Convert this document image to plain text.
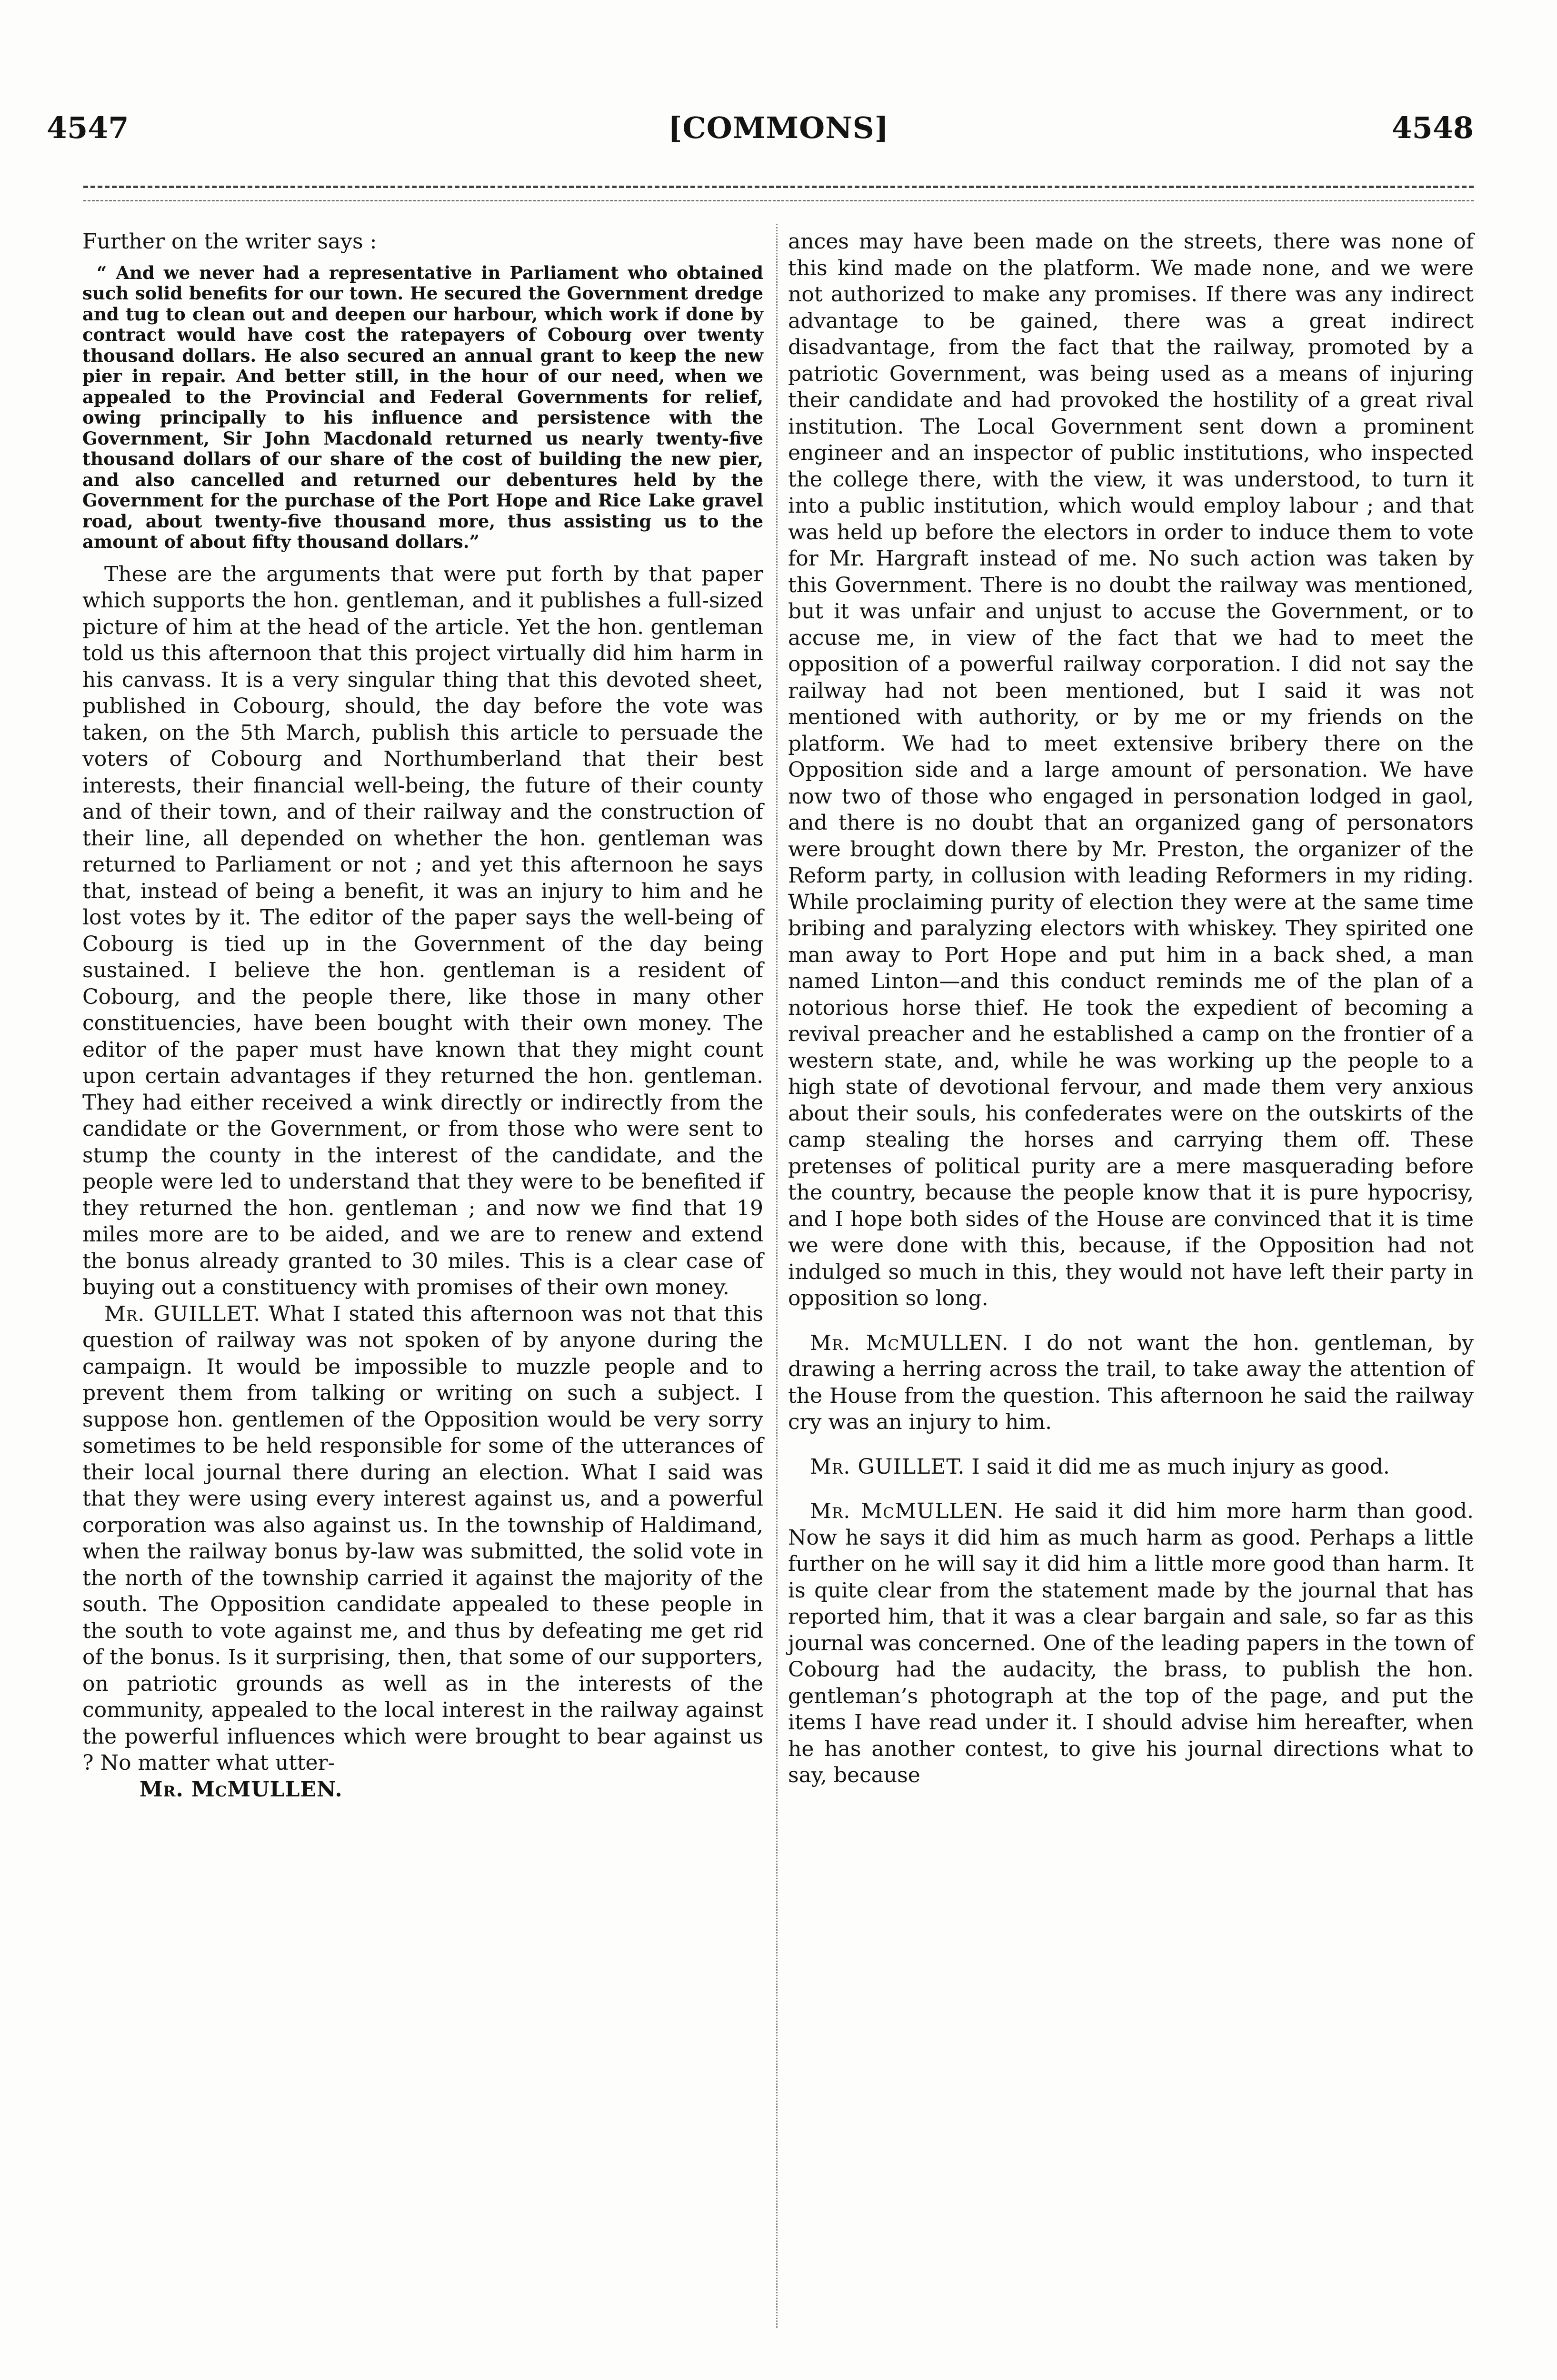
4547	[COMMONS]	4548

Further on the writer says :

“ And we never had a representative in Parliament who obtained such solid benefits for our town. He secured the Government dredge and tug to clean out and deepen our harbour, which work if done by contract would have cost the ratepayers of Cobourg over twenty thousand dollars. He also secured an annual grant to keep the new pier in repair. And better still, in the hour of our need, when we appealed to the Provincial and Federal Governments for relief, owing principally to his influence and persistence with the Government, Sir John Macdonald returned us nearly twenty-five thousand dollars of our share of the cost of building the new pier, and also cancelled and returned our debentures held by the Government for the purchase of the Port Hope and Rice Lake gravel road, about twenty-five thousand more, thus assisting us to the amount of about fifty thousand dollars.”

These are the arguments that were put forth by that paper which supports the hon. gentleman, and it publishes a full-sized picture of him at the head of the article. Yet the hon. gentleman told us this afternoon that this project virtually did him harm in his canvass. It is a very singular thing that this devoted sheet, published in Cobourg, should, the day before the vote was taken, on the 5th March, publish this article to persuade the voters of Cobourg and Northumberland that their best interests, their financial well-being, the future of their county and of their town, and of their railway and the construction of their line, all depended on whether the hon. gentleman was returned to Parliament or not ; and yet this afternoon he says that, instead of being a benefit, it was an injury to him and he lost votes by it. The editor of the paper says the well-being of Cobourg is tied up in the Government of the day being sustained. I believe the hon. gentleman is a resident of Cobourg, and the people there, like those in many other constituencies, have been bought with their own money. The editor of the paper must have known that they might count upon certain advantages if they returned the hon. gentleman. They had either received a wink directly or indirectly from the candidate or the Government, or from those who were sent to stump the county in the interest of the candidate, and the people were led to understand that they were to be benefited if they returned the hon. gentleman ; and now we find that 19 miles more are to be aided, and we are to renew and extend the bonus already granted to 30 miles. This is a clear case of buying out a constituency with promises of their own money.

Mr. GUILLET. What I stated this afternoon was not that this question of railway was not spoken of by anyone during the campaign. It would be impossible to muzzle people and to prevent them from talking or writing on such a subject. I suppose hon. gentlemen of the Opposition would be very sorry sometimes to be held responsible for some of the utterances of their local journal there during an election. What I said was that they were using every interest against us, and a powerful corporation was also against us. In the township of Haldimand, when the railway bonus by-law was submitted, the solid vote in the north of the township carried it against the majority of the south. The Opposition candidate appealed to these people in the south to vote against me, and thus by defeating me get rid of the bonus. Is it surprising, then, that some of our supporters, on patriotic grounds as well as in the interests of the community, appealed to the local interest in the railway against the powerful influences which were brought to bear against us ? No matter what utter-

Mr. McMULLEN.

ances may have been made on the streets, there was none of this kind made on the platform. We made none, and we were not authorized to make any promises. If there was any indirect advantage to be gained, there was a great indirect disadvantage, from the fact that the railway, promoted by a patriotic Government, was being used as a means of injuring their candidate and had provoked the hostility of a great rival institution. The Local Government sent down a prominent engineer and an inspector of public institutions, who inspected the college there, with the view, it was understood, to turn it into a public institution, which would employ labour ; and that was held up before the electors in order to induce them to vote for Mr. Hargraft instead of me. No such action was taken by this Government. There is no doubt the railway was mentioned, but it was unfair and unjust to accuse the Government, or to accuse me, in view of the fact that we had to meet the opposition of a powerful railway corporation. I did not say the railway had not been mentioned, but I said it was not mentioned with authority, or by me or my friends on the platform. We had to meet extensive bribery there on the Opposition side and a large amount of personation. We have now two of those who engaged in personation lodged in gaol, and there is no doubt that an organized gang of personators were brought down there by Mr. Preston, the organizer of the Reform party, in collusion with leading Reformers in my riding. While proclaiming purity of election they were at the same time bribing and paralyzing electors with whiskey. They spirited one man away to Port Hope and put him in a back shed, a man named Linton—and this conduct reminds me of the plan of a notorious horse thief. He took the expedient of becoming a revival preacher and he established a camp on the frontier of a western state, and, while he was working up the people to a high state of devotional fervour, and made them very anxious about their souls, his confederates were on the outskirts of the camp stealing the horses and carrying them off. These pretenses of political purity are a mere masquerading before the country, because the people know that it is pure hypocrisy, and I hope both sides of the House are convinced that it is time we were done with this, because, if the Opposition had not indulged so much in this, they would not have left their party in opposition so long.

Mr. McMULLEN. I do not want the hon. gentleman, by drawing a herring across the trail, to take away the attention of the House from the question. This afternoon he said the railway cry was an injury to him.

Mr. GUILLET. I said it did me as much injury as good.

Mr. McMULLEN. He said it did him more harm than good. Now he says it did him as much harm as good. Perhaps a little further on he will say it did him a little more good than harm. It is quite clear from the statement made by the journal that has reported him, that it was a clear bargain and sale, so far as this journal was concerned. One of the leading papers in the town of Cobourg had the audacity, the brass, to publish the hon. gentleman’s photograph at the top of the page, and put the items I have read under it. I should advise him hereafter, when he has another contest, to give his journal directions what to say, because
